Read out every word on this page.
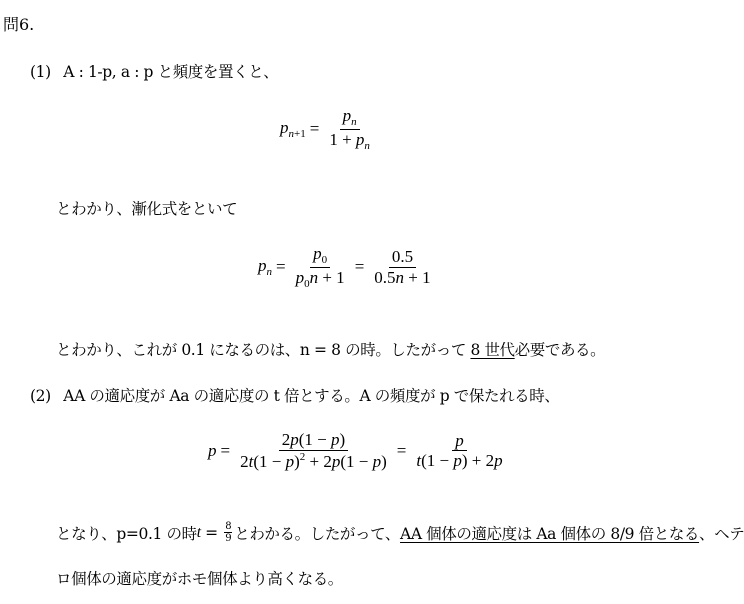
問6.
(1) A : 1-p, a : p と頻度を置くと、
$p_{n+1} = \frac{p_n}{1 + p_n}$
とわかり、漸化式をといて
$p_n = \frac{p_0}{p_0n + 1} = \frac{0.5}{0.5n + 1}$
とわかり、これが 0.1 になるのは、n = 8 の時。したがって 8 世代必要である。
(2) AA の適応度が Aa の適応度の t 倍とする。A の頻度が p で保たれる時、
$p = \frac{2p(1 - p)}{2t(1 - p)^2 + 2p(1 - p)} = \frac{p}{t(1 - p) + 2p}$
となり、p=0.1 の時 $t = \frac{8}{9}$ とわかる。したがって、 AA 個体の適応度は Aa 個体の 8/9 倍となる 、ヘテ
ロ個体の適応度がホモ個体より高くなる。
